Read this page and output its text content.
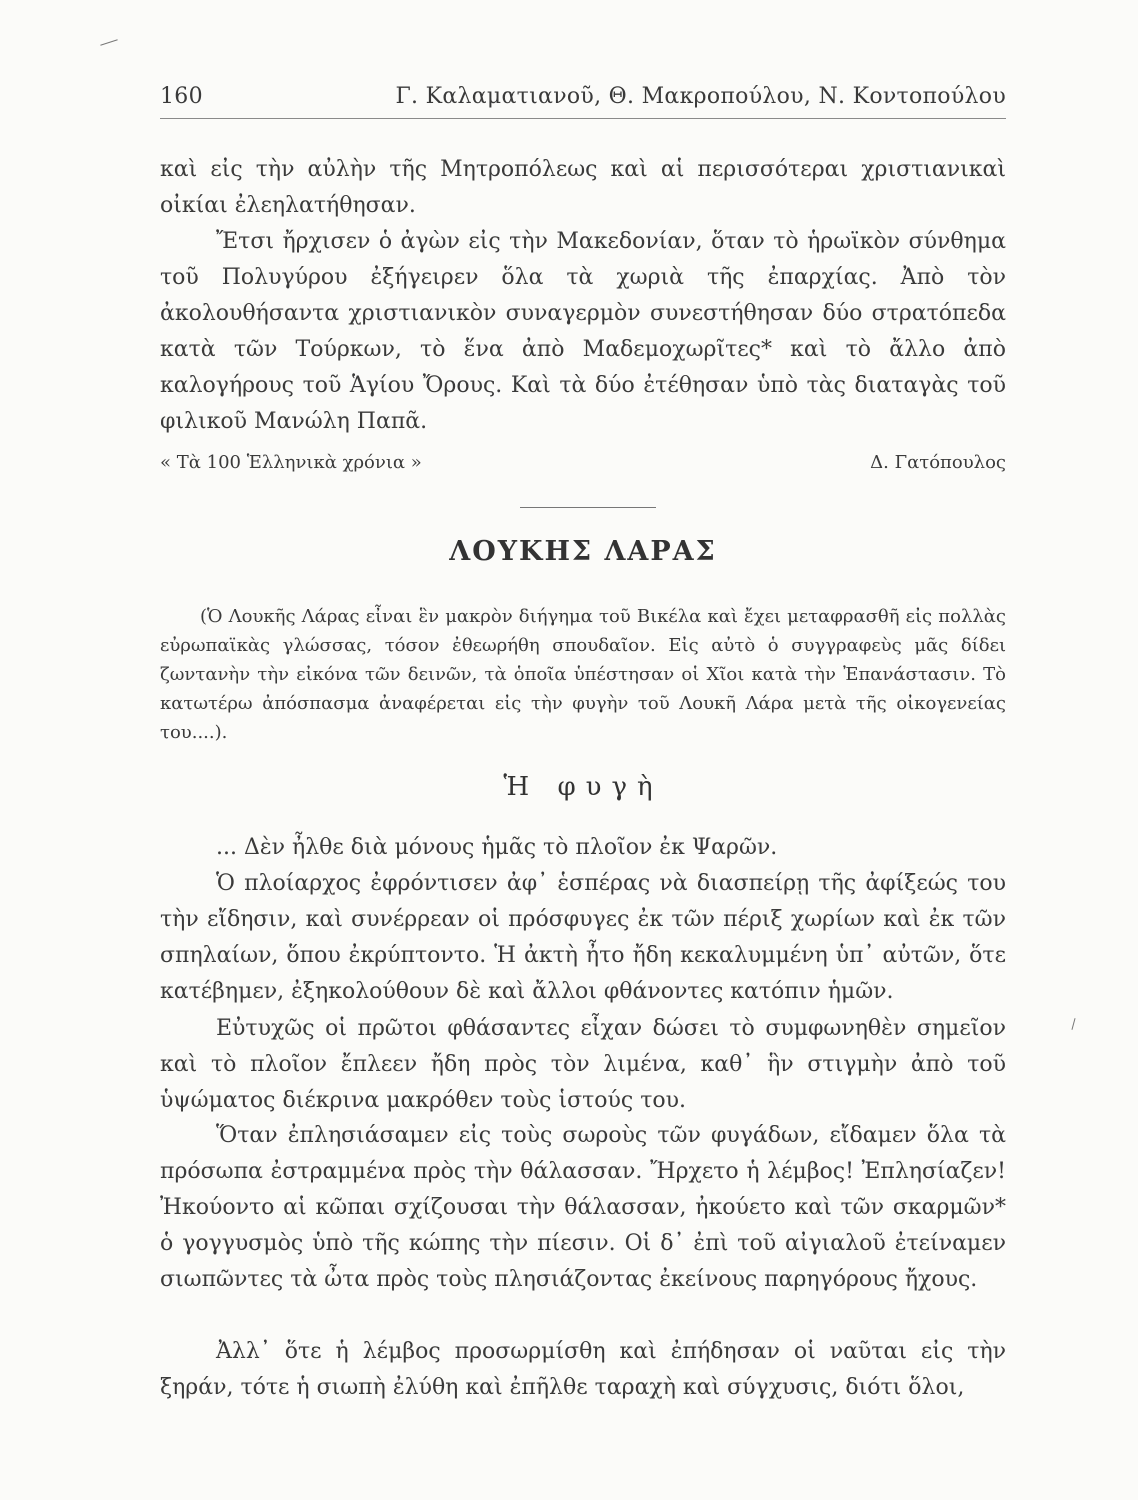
160	Γ. Καλαματιανοῦ, Θ. Μακροπούλου, Ν. Κοντοπούλου
καὶ εἰς τὴν αὐλὴν τῆς Μητροπόλεως καὶ αἱ περισσότεραι χριστιανικαὶ οἰκίαι ἐλεηλατήθησαν.
Ἔτσι ἤρχισεν ὁ ἀγὼν εἰς τὴν Μακεδονίαν, ὅταν τὸ ἡρωϊκὸν σύνθημα τοῦ Πολυγύρου ἐξήγειρεν ὅλα τὰ χωριὰ τῆς ἐπαρχίας. Ἀπὸ τὸν ἀκολουθήσαντα χριστιανικὸν συναγερμὸν συνεστήθησαν δύο στρατόπεδα κατὰ τῶν Τούρκων, τὸ ἕνα ἀπὸ Μαδεμοχωρῖτες* καὶ τὸ ἄλλο ἀπὸ καλογήρους τοῦ Ἁγίου Ὄρους. Καὶ τὰ δύο ἐτέθησαν ὑπὸ τὰς διαταγὰς τοῦ φιλικοῦ Μανώλη Παπᾶ.
« Τὰ 100 Ἑλληνικὰ χρόνια »	Δ. Γατόπουλος
ΛΟΥΚΗΣ ΛΑΡΑΣ
(Ὁ Λουκῆς Λάρας εἶναι ἓν μακρὸν διήγημα τοῦ Βικέλα καὶ ἔχει μεταφρασθῆ εἰς πολλὰς εὐρωπαϊκὰς γλώσσας, τόσον ἐθεωρήθη σπουδαῖον. Εἰς αὐτὸ ὁ συγγραφεὺς μᾶς δίδει ζωντανὴν τὴν εἰκόνα τῶν δεινῶν, τὰ ὁποῖα ὑπέστησαν οἱ Χῖοι κατὰ τὴν Ἐπανάστασιν. Τὸ κατωτέρω ἀπόσπασμα ἀναφέρεται εἰς τὴν φυγὴν τοῦ Λουκῆ Λάρα μετὰ τῆς οἰκογενείας του....).
Ἡ φυγὴ
... Δὲν ἦλθε διὰ μόνους ἡμᾶς τὸ πλοῖον ἐκ Ψαρῶν.
Ὁ πλοίαρχος ἐφρόντισεν ἀφ᾽ ἑσπέρας νὰ διασπείρῃ τῆς ἀφίξεώς του τὴν εἴδησιν, καὶ συνέρρεαν οἱ πρόσφυγες ἐκ τῶν πέριξ χωρίων καὶ ἐκ τῶν σπηλαίων, ὅπου ἐκρύπτοντο. Ἡ ἀκτὴ ἦτο ἤδη κεκαλυμμένη ὑπ᾽ αὐτῶν, ὅτε κατέβημεν, ἐξηκολούθουν δὲ καὶ ἄλλοι φθάνοντες κατόπιν ἡμῶν.
Εὐτυχῶς οἱ πρῶτοι φθάσαντες εἶχαν δώσει τὸ συμφωνηθὲν σημεῖον καὶ τὸ πλοῖον ἔπλεεν ἤδη πρὸς τὸν λιμένα, καθ᾽ ἣν στιγμὴν ἀπὸ τοῦ ὑψώματος διέκρινα μακρόθεν τοὺς ἱστούς του.
Ὅταν ἐπλησιάσαμεν εἰς τοὺς σωροὺς τῶν φυγάδων, εἴδαμεν ὅλα τὰ πρόσωπα ἐστραμμένα πρὸς τὴν θάλασσαν. Ἤρχετο ἡ λέμβος! Ἐπλησίαζεν! Ἠκούοντο αἱ κῶπαι σχίζουσαι τὴν θάλασσαν, ἠκούετο καὶ τῶν σκαρμῶν* ὁ γογγυσμὸς ὑπὸ τῆς κώπης τὴν πίεσιν. Οἱ δ᾽ ἐπὶ τοῦ αἰγιαλοῦ ἐτείναμεν σιωπῶντες τὰ ὦτα πρὸς τοὺς πλησιάζοντας ἐκείνους παρηγόρους ἤχους.
Ἀλλ᾽ ὅτε ἡ λέμβος προσωρμίσθη καὶ ἐπήδησαν οἱ ναῦται εἰς τὴν ξηράν, τότε ἡ σιωπὴ ἐλύθη καὶ ἐπῆλθε ταραχὴ καὶ σύγχυσις, διότι ὅλοι,
